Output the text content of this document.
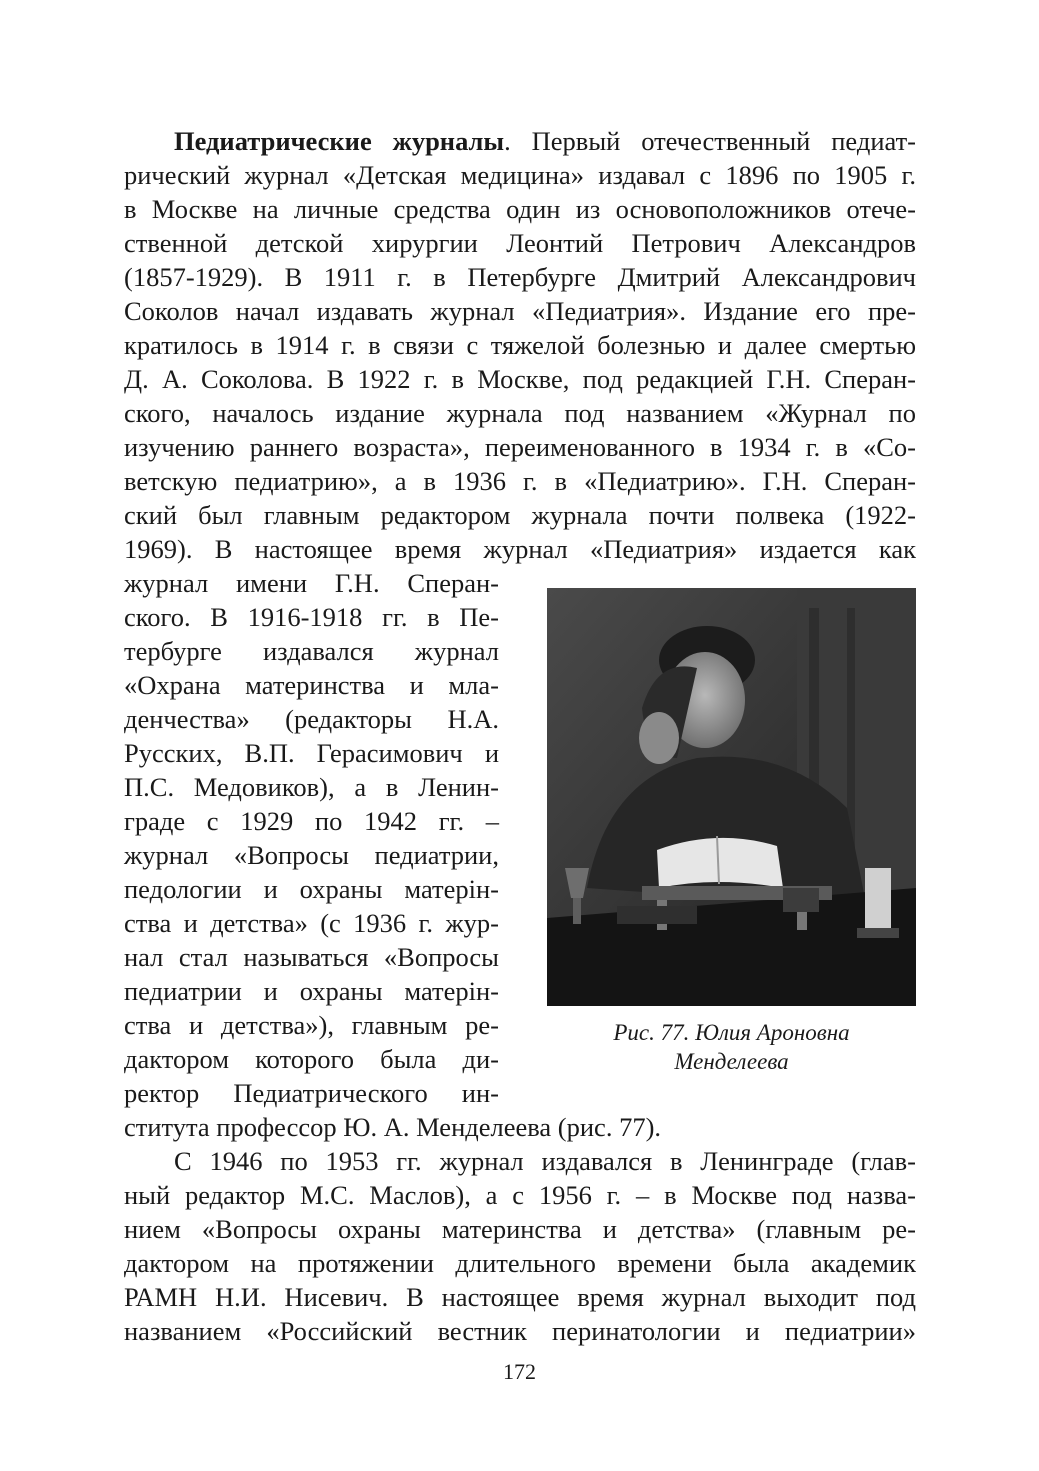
Педиатрические журналы. Первый отечественный педиат-
рический журнал «Детская медицина» издавал с 1896 по 1905 г.
в Москве на личные средства один из основоположников отече-
ственной детской хирургии Леонтий Петрович Александров
(1857-1929). В 1911 г. в Петербурге Дмитрий Александрович
Соколов начал издавать журнал «Педиатрия». Издание его пре-
кратилось в 1914 г. в связи с тяжелой болезнью и далее смертью
Д. А. Соколова. В 1922 г. в Москве, под редакцией Г.Н. Сперан-
ского, началось издание журнала под названием «Журнал по
изучению раннего возраста», переименованного в 1934 г. в «Со-
ветскую педиатрию», а в 1936 г. в «Педиатрию». Г.Н. Сперан-
ский был главным редактором журнала почти полвека (1922-
1969). В настоящее время журнал «Педиатрия» издается как
журнал имени Г.Н. Сперан-
ского. В 1916-1918 гг. в Пе-
тербурге издавался журнал
«Охрана материнства и мла-
денчества» (редакторы Н.А.
Русских, В.П. Герасимович и
П.С. Медовиков), а в Ленин-
граде с 1929 по 1942 гг. –
журнал «Вопросы педиатрии,
педологии и охраны матерін-
ства и детства» (с 1936 г. жур-
нал стал называться «Вопросы
педиатрии и охраны матерін-
ства и детства»), главным ре-
дактором которого была ди-
ректор Педиатрического ин-
ститута профессор Ю. А. Менделеева (рис. 77).
С 1946 по 1953 гг. журнал издавался в Ленинграде (глав-
ный редактор М.С. Маслов), а с 1956 г. – в Москве под назва-
нием «Вопросы охраны материнства и детства» (главным ре-
дактором на протяжении длительного времени была академик
РАМН Н.И. Нисевич. В настоящее время журнал выходит под
названием «Российский вестник перинатологии и педиатрии»
Рис. 77. Юлия Ароновна
Менделеева
172
